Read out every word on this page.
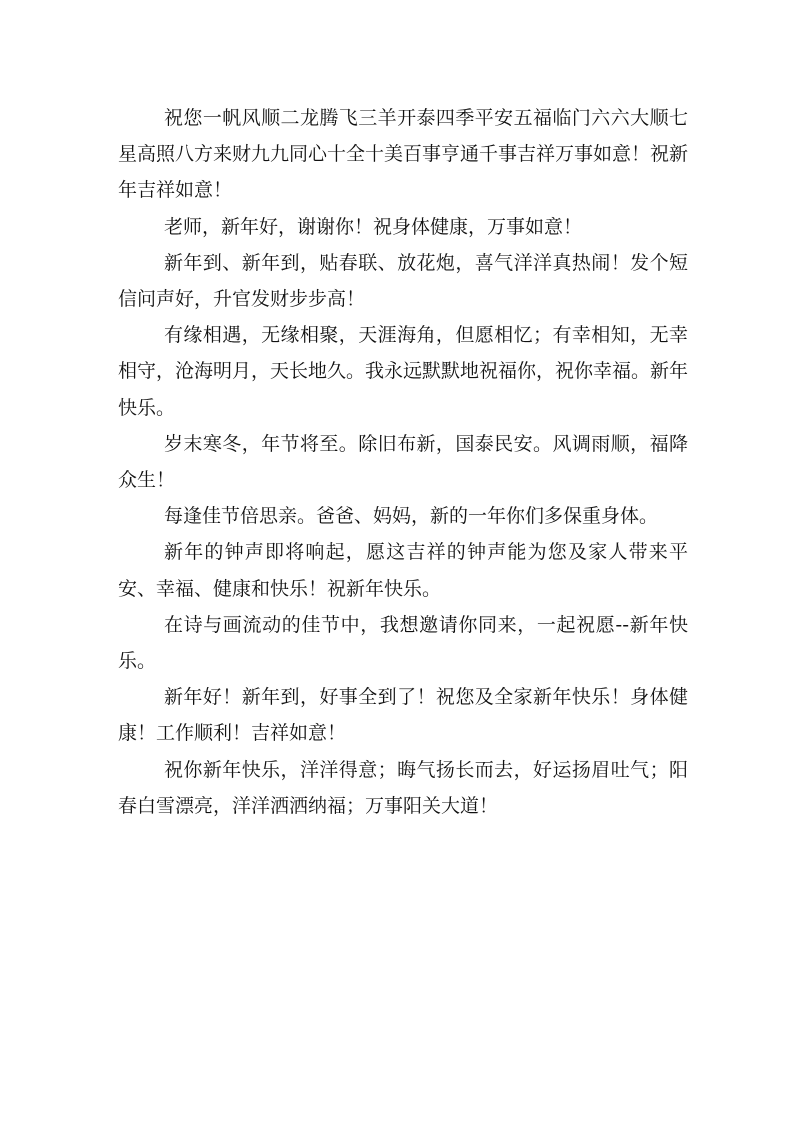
祝您一帆风顺二龙腾飞三羊开泰四季平安五福临门六六大顺七星高照八方来财九九同心十全十美百事亨通千事吉祥万事如意！祝新年吉祥如意！

老师，新年好，谢谢你！祝身体健康，万事如意！

新年到、新年到，贴春联、放花炮，喜气洋洋真热闹！发个短信问声好，升官发财步步高！

有缘相遇，无缘相聚，天涯海角，但愿相忆；有幸相知，无幸相守，沧海明月，天长地久。我永远默默地祝福你，祝你幸福。新年快乐。

岁末寒冬，年节将至。除旧布新，国泰民安。风调雨顺，福降众生！

每逢佳节倍思亲。爸爸、妈妈，新的一年你们多保重身体。

新年的钟声即将响起，愿这吉祥的钟声能为您及家人带来平安、幸福、健康和快乐！祝新年快乐。

在诗与画流动的佳节中，我想邀请你同来，一起祝愿--新年快乐。

新年好！新年到，好事全到了！祝您及全家新年快乐！身体健康！工作顺利！吉祥如意！

祝你新年快乐，洋洋得意；晦气扬长而去，好运扬眉吐气；阳春白雪漂亮，洋洋洒洒纳福；万事阳关大道！
